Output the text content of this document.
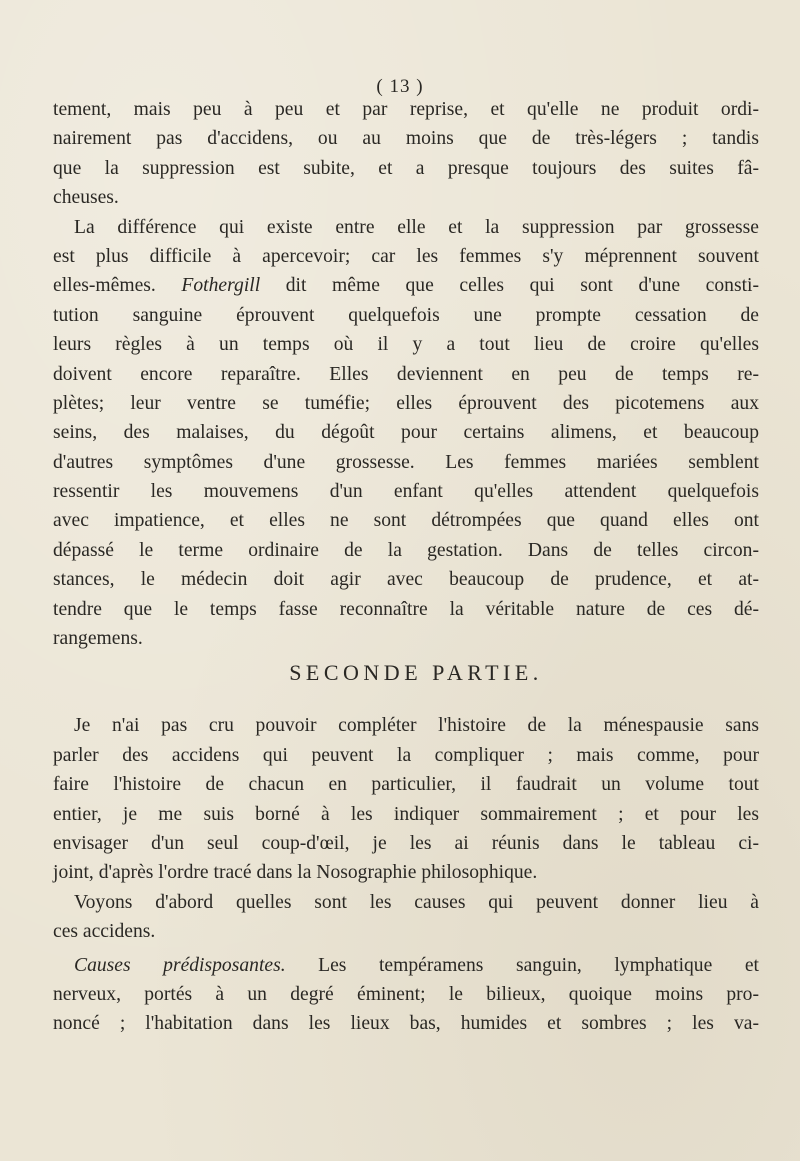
( 13 )
tement, mais peu à peu et par reprise, et qu'elle ne produit ordi-
nairement pas d'accidens, ou au moins que de très-légers ; tandis
que la suppression est subite, et a presque toujours des suites fâ-
cheuses.
La différence qui existe entre elle et la suppression par grossesse
est plus difficile à apercevoir; car les femmes s'y méprennent souvent
elles-mêmes. Fothergill dit même que celles qui sont d'une consti-
tution sanguine éprouvent quelquefois une prompte cessation de
leurs règles à un temps où il y a tout lieu de croire qu'elles
doivent encore reparaître. Elles deviennent en peu de temps re-
plètes; leur ventre se tuméfie; elles éprouvent des picotemens aux
seins, des malaises, du dégoût pour certains alimens, et beaucoup
d'autres symptômes d'une grossesse. Les femmes mariées semblent
ressentir les mouvemens d'un enfant qu'elles attendent quelquefois
avec impatience, et elles ne sont détrompées que quand elles ont
dépassé le terme ordinaire de la gestation. Dans de telles circon-
stances, le médecin doit agir avec beaucoup de prudence, et at-
tendre que le temps fasse reconnaître la véritable nature de ces dé-
rangemens.
SECONDE PARTIE.
Je n'ai pas cru pouvoir compléter l'histoire de la ménespausie sans
parler des accidens qui peuvent la compliquer ; mais comme, pour
faire l'histoire de chacun en particulier, il faudrait un volume tout
entier, je me suis borné à les indiquer sommairement ; et pour les
envisager d'un seul coup-d'œil, je les ai réunis dans le tableau ci-
joint, d'après l'ordre tracé dans la Nosographie philosophique.
Voyons d'abord quelles sont les causes qui peuvent donner lieu à
ces accidens.
Causes prédisposantes. Les tempéramens sanguin, lymphatique et
nerveux, portés à un degré éminent; le bilieux, quoique moins pro-
noncé ; l'habitation dans les lieux bas, humides et sombres ; les va-
